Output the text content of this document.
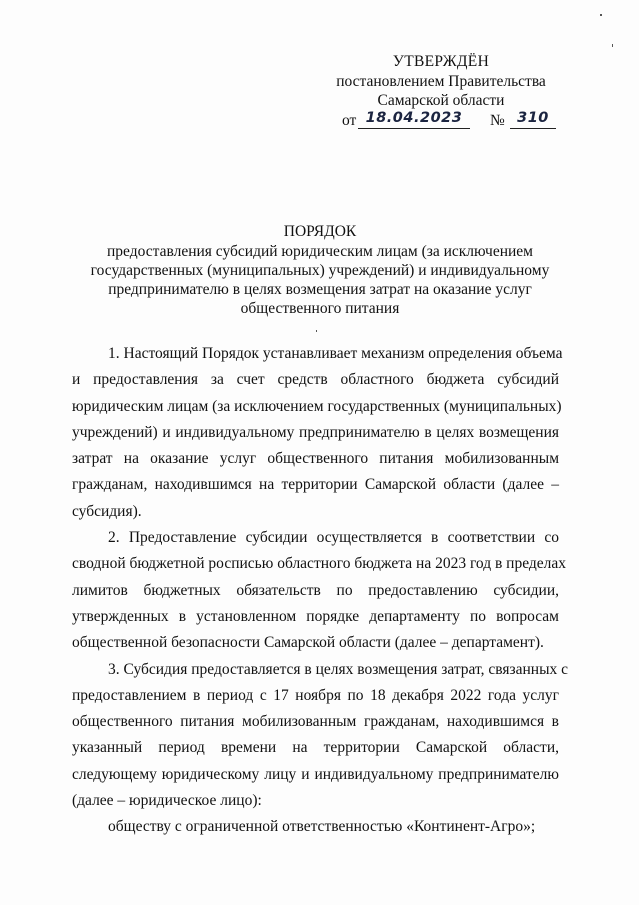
УТВЕРЖДЁН
постановлением Правительства
Самарской области
от 18.04.2023	№ 310
ПОРЯДОК
предоставления субсидий юридическим лицам (за исключением
государственных (муниципальных) учреждений) и индивидуальному
предпринимателю в целях возмещения затрат на оказание услуг
общественного питания
1. Настоящий Порядок устанавливает механизм определения объема
и предоставления за счет средств областного бюджета субсидий
юридическим лицам (за исключением государственных (муниципальных)
учреждений) и индивидуальному предпринимателю в целях возмещения
затрат на оказание услуг общественного питания мобилизованным
гражданам, находившимся на территории Самарской области (далее –
субсидия).
2. Предоставление субсидии осуществляется в соответствии со
сводной бюджетной росписью областного бюджета на 2023 год в пределах
лимитов бюджетных обязательств по предоставлению субсидии,
утвержденных в установленном порядке департаменту по вопросам
общественной безопасности Самарской области (далее – департамент).
3. Субсидия предоставляется в целях возмещения затрат, связанных с
предоставлением в период с 17 ноября по 18 декабря 2022 года услуг
общественного питания мобилизованным гражданам, находившимся в
указанный период времени на территории Самарской области,
следующему юридическому лицу и индивидуальному предпринимателю
(далее – юридическое лицо):
обществу с ограниченной ответственностью «Континент-Агро»;
